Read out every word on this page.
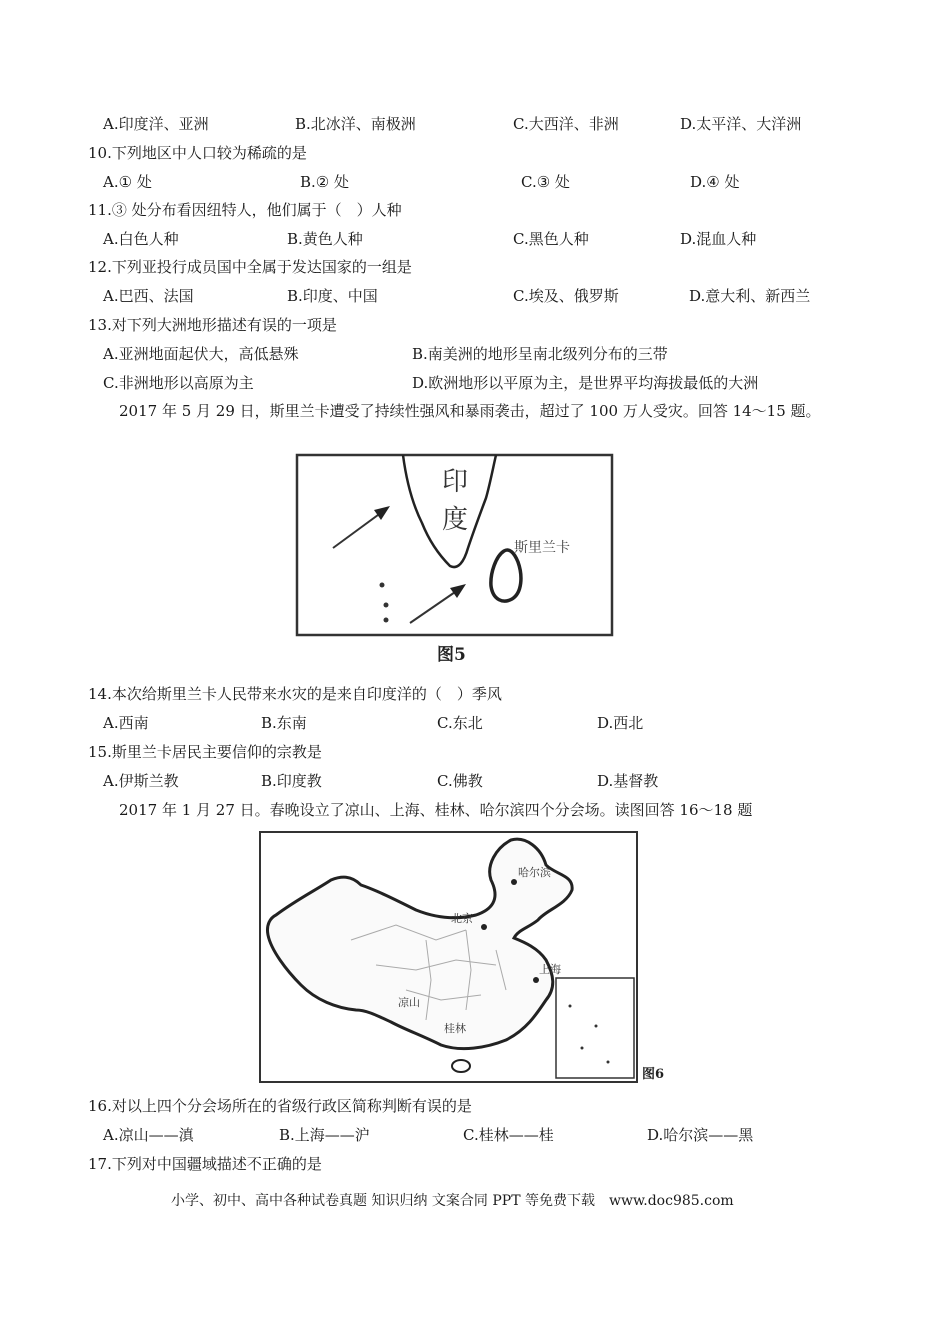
A.印度洋、亚洲	B.北冰洋、南极洲	C.大西洋、非洲	D.太平洋、大洋洲
10.下列地区中人口较为稀疏的是
A.① 处	B.② 处	C.③ 处	D.④ 处
11.③ 处分布看因纽特人，他们属于（　）人种
A.白色人种	B.黄色人种	C.黑色人种	D.混血人种
12.下列亚投行成员国中全属于发达国家的一组是
A.巴西、法国	B.印度、中国	C.埃及、俄罗斯	D.意大利、新西兰
13.对下列大洲地形描述有误的一项是
A.亚洲地面起伏大，高低悬殊	B.南美洲的地形呈南北级列分布的三带
C.非洲地形以高原为主	D.欧洲地形以平原为主，是世界平均海拔最低的大洲
2017 年 5 月 29 日，斯里兰卡遭受了持续性强风和暴雨袭击，超过了 100 万人受灾。回答 14～15 题。
印
度
斯里兰卡
图5
14.本次给斯里兰卡人民带来水灾的是来自印度洋的（　）季风
A.西南	B.东南	C.东北	D.西北
15.斯里兰卡居民主要信仰的宗教是
A.伊斯兰教	B.印度教	C.佛教	D.基督教
2017 年 1 月 27 日。春晚设立了凉山、上海、桂林、哈尔滨四个分会场。读图回答 16～18 题
哈尔滨
北京
上海
凉山
桂林
图6
16.对以上四个分会场所在的省级行政区简称判断有误的是
A.凉山——滇	B.上海——沪	C.桂林——桂	D.哈尔滨——黑
17.下列对中国疆域描述不正确的是
小学、初中、高中各种试卷真题 知识归纳 文案合同 PPT 等免费下载　www.doc985.com
